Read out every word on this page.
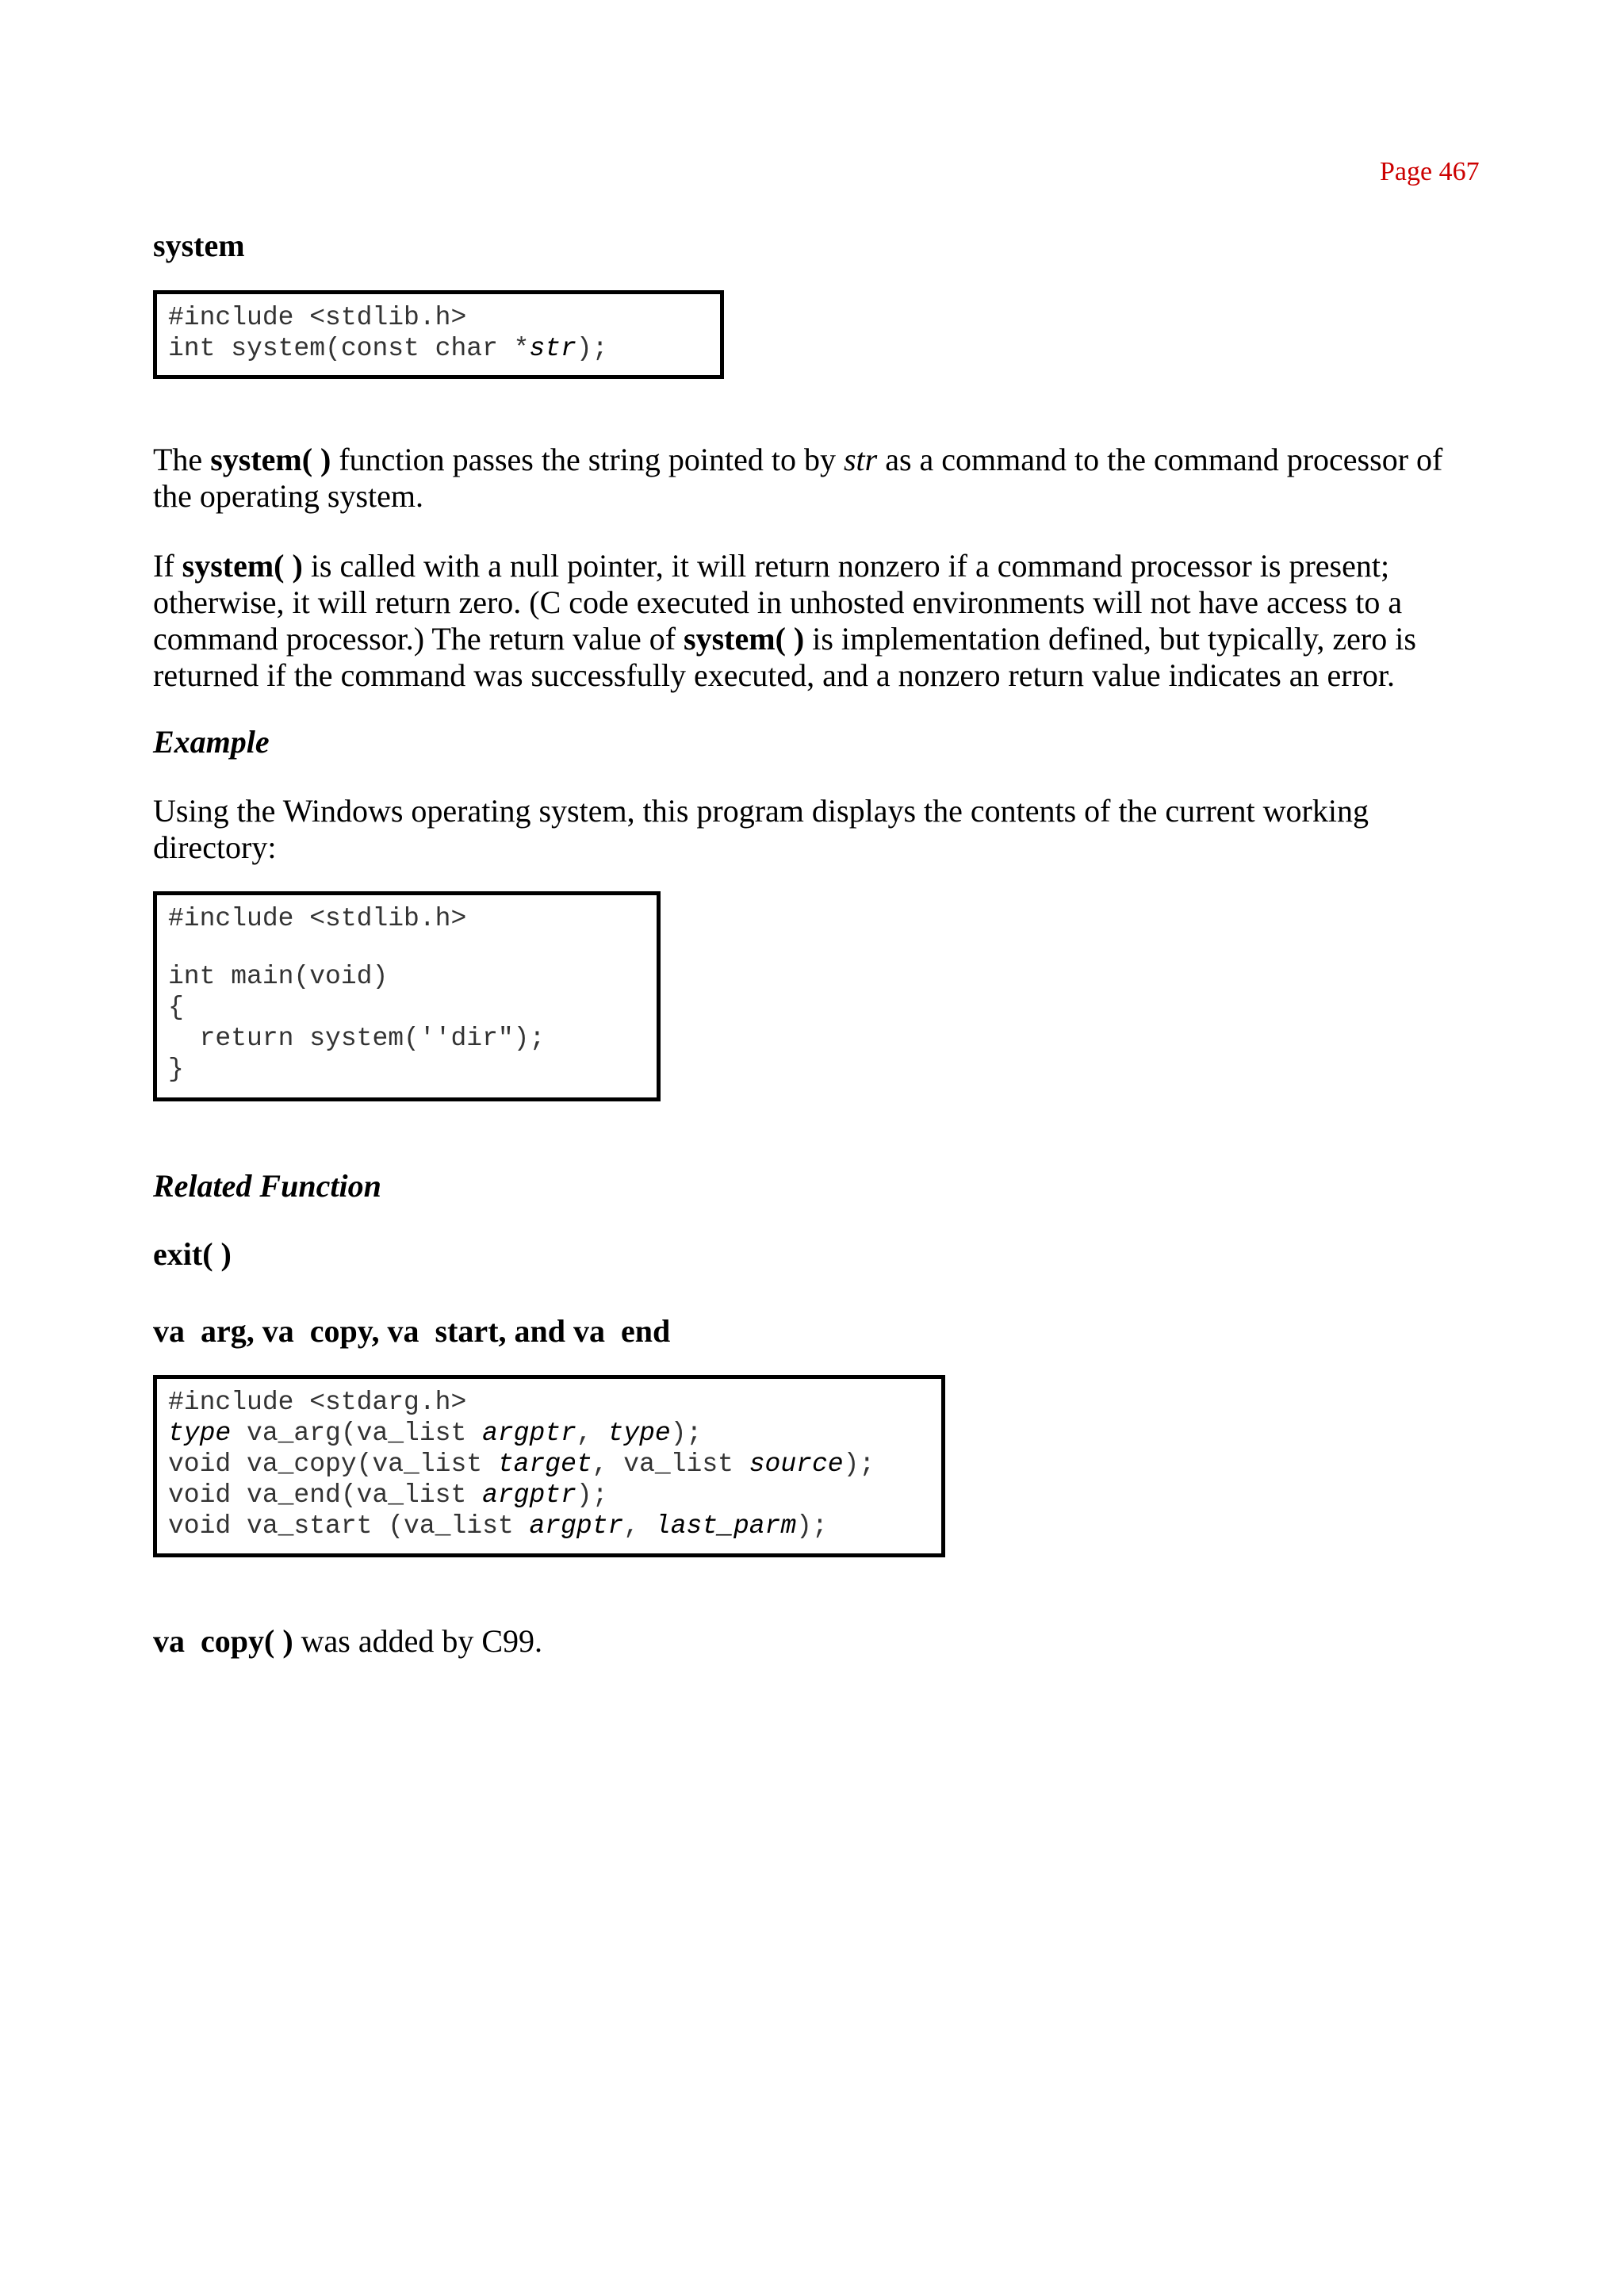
Page 467
system
#include <stdlib.h>
int system(const char *str);

The system( ) function passes the string pointed to by str as a command to the command processor of the operating system.

If system( ) is called with a null pointer, it will return nonzero if a command processor is present; otherwise, it will return zero. (C code executed in unhosted environments will not have access to a command processor.) The return value of system( ) is implementation defined, but typically, zero is returned if the command was successfully executed, and a nonzero return value indicates an error.

Example

Using the Windows operating system, this program displays the contents of the current working directory:

#include <stdlib.h>
int main(void)
{
return system(''dir");
}
Related Function
exit( )
va  arg, va  copy, va  start, and va  end
#include <stdarg.h>
type va_arg(va_list argptr, type);
void va_copy(va_list target, va_list source);
void va_end(va_list argptr);
void va_start (va_list argptr, last_parm);

va  copy( ) was added by C99.
